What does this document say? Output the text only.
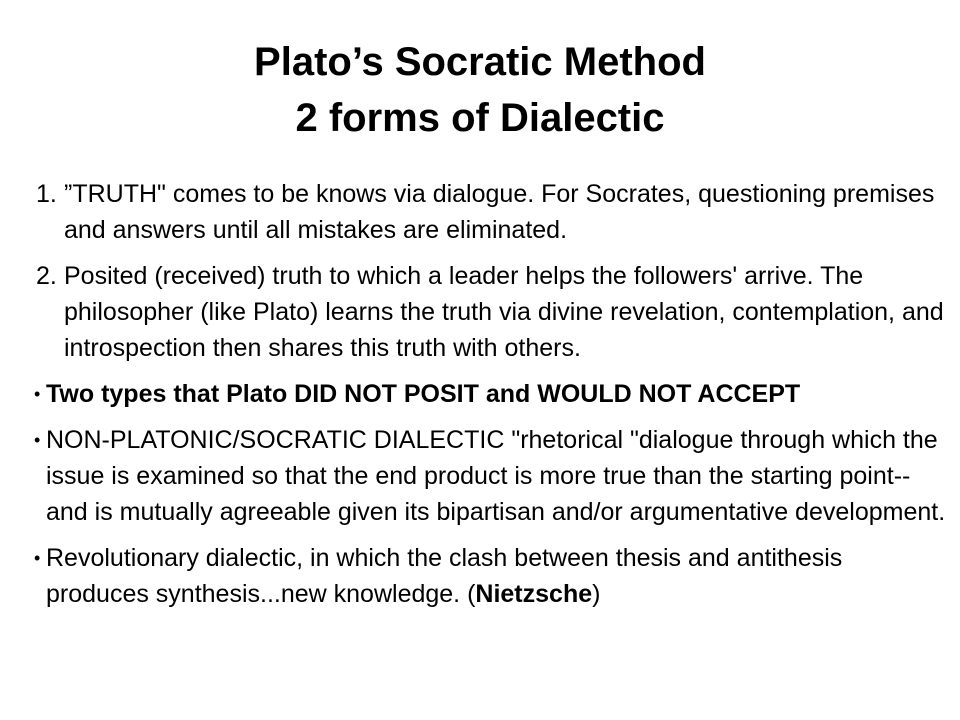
Plato’s Socratic Method
2 forms of Dialectic
1. ”TRUTH" comes to be knows via dialogue. For Socrates, questioning premises and answers until all mistakes are eliminated.
2. Posited (received) truth to which a leader helps the followers' arrive. The philosopher (like Plato) learns the truth via divine revelation, contemplation, and introspection then shares this truth with others.
• Two types that Plato DID NOT POSIT and WOULD NOT ACCEPT
• NON-PLATONIC/SOCRATIC DIALECTIC "rhetorical "dialogue through which the issue is examined so that the end product is more true than the starting point--and is mutually agreeable given its bipartisan and/or argumentative development.
• Revolutionary dialectic, in which the clash between thesis and antithesis produces synthesis...new knowledge. (Nietzsche)
